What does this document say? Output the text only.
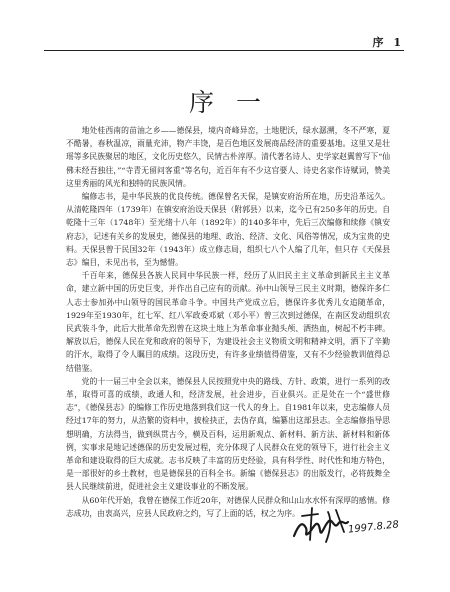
序 1
序一

地处桂西南的苗油之乡——德保县，境内奇峰异峦，土地肥沃，绿水潺溯，冬不严寒，夏不酷暑，春秋温凉，雨量充沛，物产丰饶，是百色地区发展商品经济的重要基地。这里又是壮瑶等多民族聚居的地区，文化历史悠久，民情古朴淳厚。清代著名诗人、史学家赵翼曾写下“仙佛未经吾独往，”“寺青无留问客重”等名句，近百年有不少这官要人、诗史名家作诗赋词，赞美这里秀丽的风光和独特的民族风情。

编修志书，是中华民族的优良传统。德保曾名天保，是镇安府治所在地，历史沿革远久。从清乾隆四年（1739年）在镇安府治设天保县（附郭县）以来，迄今已有250多年的历史。自乾隆十三年（1748年）至光绪十八年（1892年）的140多年中，先后三次编修和续修《镇安府志》，记述有关乡的发展史，德保县的地理、政治、经济、文化、风俗等情况，成为宝贵的史料。天保县曾于民国32年（1943年）成立修志局，组织七八个人编了几年，但只存《天保县志》编目，未见出书，至为憾惜。

千百年来，德保县各族人民同中华民族一样，经历了从旧民主主义革命到新民主主义革命，建立新中国的历史巨变，并作出自己应有的贡献。孙中山领导三民主义时期，德保许多仁人志士参加孙中山领导的国民革命斗争。中国共产党成立后，德保许多优秀儿女追随革命，1929年至1930年，红七军、红八军政委邓斌（邓小平）曾三次到过德保，在南区发动组织农民武装斗争，此后大批革命先烈曾在这块土地上为革命事业抛头颅、洒热血，树起不朽丰碑。解放以后，德保人民在党和政府的领导下，为建设社会主义物质文明和精神文明，洒下了辛勤的汗水，取得了令人瞩目的成绩。这段历史，有许多业绩值得借鉴，又有不少经验教训值得总结借鉴。

党的十一届三中全会以来，德保县人民按照党中央的路线、方针、政策，进行一系列的改革，取得可喜的成绩，政通人和，经济发展，社会进步，百业俱兴。正是处在一个“盛世修志”，《德保县志》的编修工作历史地落到我们这一代人的身上。自1981年以来，史志编修人员经过17年的努力，从浩繁的资料中，披检抉正，去伪存真，编纂出这部县志。全志编修指导思想明确，方法得当，做到纵贯古今，横及百科，运用新观点、新材料、新方法、新材料和新体例，实事求是地记述德保的历史发展过程，充分体现了人民群众在党的领导下，进行社会主义革命和建设取得的巨大成就。志书反映了丰富的历史经验，具有科学性、时代性和地方特色，是一部很好的乡土教材，也是德保县的百科全书。新编《德保县志》的出版发行，必将鼓舞全县人民继续前进，促进社会主义建设事业的不断发展。

从60年代开始，我曾在德保工作近20年，对德保人民群众和山山水水怀有深厚的感情。修志成功，由衷高兴，应县人民政府之约，写了上面的话，权之为序。

1997.8.28
